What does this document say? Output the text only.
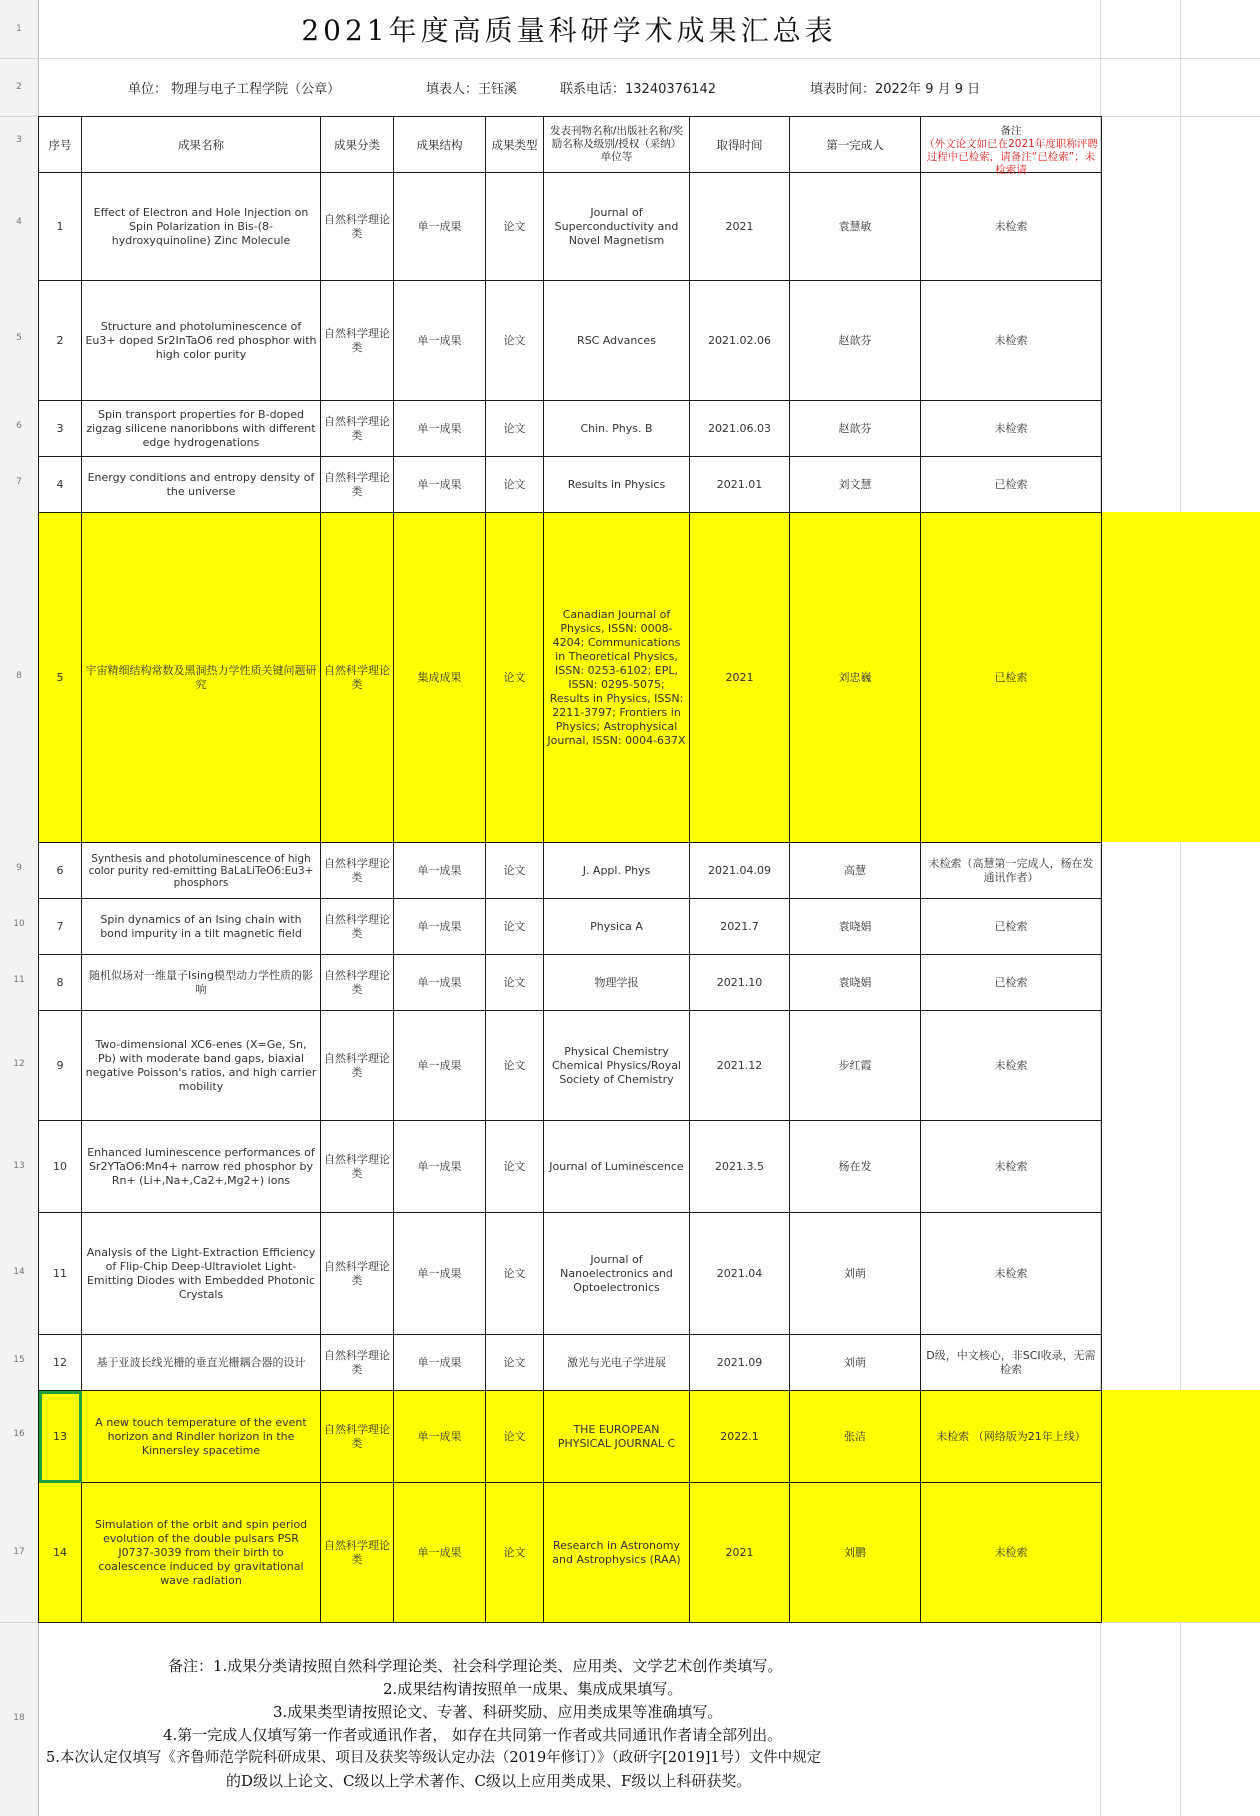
1
2
3
4
5
6
7
8
9
10
11
12
13
14
15
16
17
18
2021年度高质量科研学术成果汇总表
单位： 物理与电子工程学院（公章）	填表人：王钰溪	联系电话：13240376142	填表时间：2022年 9 月 9 日
序号	成果名称	成果分类	成果结构	成果类型	发表刊物名称/出版社名称/奖励名称及级别/授权（采纳）单位等	取得时间	第一完成人	备注
（外文论文如已在2021年度职称评聘过程中已检索，请备注“已检索”；未检索请

1	Effect of Electron and Hole Injection on Spin Polarization in Bis-(8-hydroxyquinoline) Zinc Molecule	自然科学理论类	单一成果	论文	Journal of Superconductivity and Novel Magnetism	2021	袁慧敏	未检索
2	Structure and photoluminescence of Eu3+ doped Sr2InTaO6 red phosphor with high color purity	自然科学理论类	单一成果	论文	RSC Advances	2021.02.06	赵歆芬	未检索
3	Spin transport properties for B-doped zigzag silicene nanoribbons with different edge hydrogenations	自然科学理论类	单一成果	论文	Chin. Phys. B	2021.06.03	赵歆芬	未检索
4	Energy conditions and entropy density of the universe	自然科学理论类	单一成果	论文	Results in Physics	2021.01	刘文慧	已检索
5	宇宙精细结构常数及黑洞热力学性质关键问题研究	自然科学理论类	集成成果	论文	Canadian Journal of Physics, ISSN: 0008-4204; Communications in Theoretical Physics, ISSN: 0253-6102; EPL, ISSN: 0295-5075; Results in Physics, ISSN: 2211-3797; Frontiers in Physics; Astrophysical Journal, ISSN: 0004-637X	2021	刘忠巍	已检索
6	Synthesis and photoluminescence of high color purity red-emitting BaLaLiTeO6:Eu3+ phosphors	自然科学理论类	单一成果	论文	J. Appl. Phys	2021.04.09	高慧	未检索（高慧第一完成人，杨在发通讯作者）
7	Spin dynamics of an Ising chain with bond impurity in a tilt magnetic field	自然科学理论类	单一成果	论文	Physica A	2021.7	袁晓娟	已检索
8	随机似场对一维量子Ising模型动力学性质的影响	自然科学理论类	单一成果	论文	物理学报	2021.10	袁晓娟	已检索
9	Two-dimensional XC6-enes (X=Ge, Sn, Pb) with moderate band gaps, biaxial negative Poisson's ratios, and high carrier mobility	自然科学理论类	单一成果	论文	Physical Chemistry Chemical Physics/Royal Society of Chemistry	2021.12	步红霞	未检索
10	Enhanced luminescence performances of Sr2YTaO6:Mn4+ narrow red phosphor by Rn+ (Li+,Na+,Ca2+,Mg2+) ions	自然科学理论类	单一成果	论文	Journal of Luminescence	2021.3.5	杨在发	未检索
11	Analysis of the Light-Extraction Efficiency of Flip-Chip Deep-Ultraviolet Light-Emitting Diodes with Embedded Photonic Crystals	自然科学理论类	单一成果	论文	Journal of Nanoelectronics and Optoelectronics	2021.04	刘萌	未检索
12	基于亚波长线光栅的垂直光栅耦合器的设计	自然科学理论类	单一成果	论文	激光与光电子学进展	2021.09	刘萌	D级，中文核心，非SCI收录，无需检索
13	A new touch temperature of the event horizon and Rindler horizon in the Kinnersley spacetime	自然科学理论类	单一成果	论文	THE EUROPEAN PHYSICAL JOURNAL C	2022.1	张洁	未检索 （网络版为21年上线）
14	Simulation of the orbit and spin period evolution of the double pulsars PSR J0737-3039 from their birth to coalescence induced by gravitational wave radiation	自然科学理论类	单一成果	论文	Research in Astronomy and Astrophysics (RAA)	2021	刘鹏	未检索
备注：1.成果分类请按照自然科学理论类、社会科学理论类、应用类、文学艺术创作类填写。
2.成果结构请按照单一成果、集成成果填写。
3.成果类型请按照论文、专著、科研奖励、应用类成果等准确填写。
4.第一完成人仅填写第一作者或通讯作者， 如存在共同第一作者或共同通讯作者请全部列出。
5.本次认定仅填写《齐鲁师范学院科研成果、项目及获奖等级认定办法（2019年修订）》（政研字[2019]1号）文件中规定
的D级以上论文、C级以上学术著作、C级以上应用类成果、F级以上科研获奖。
